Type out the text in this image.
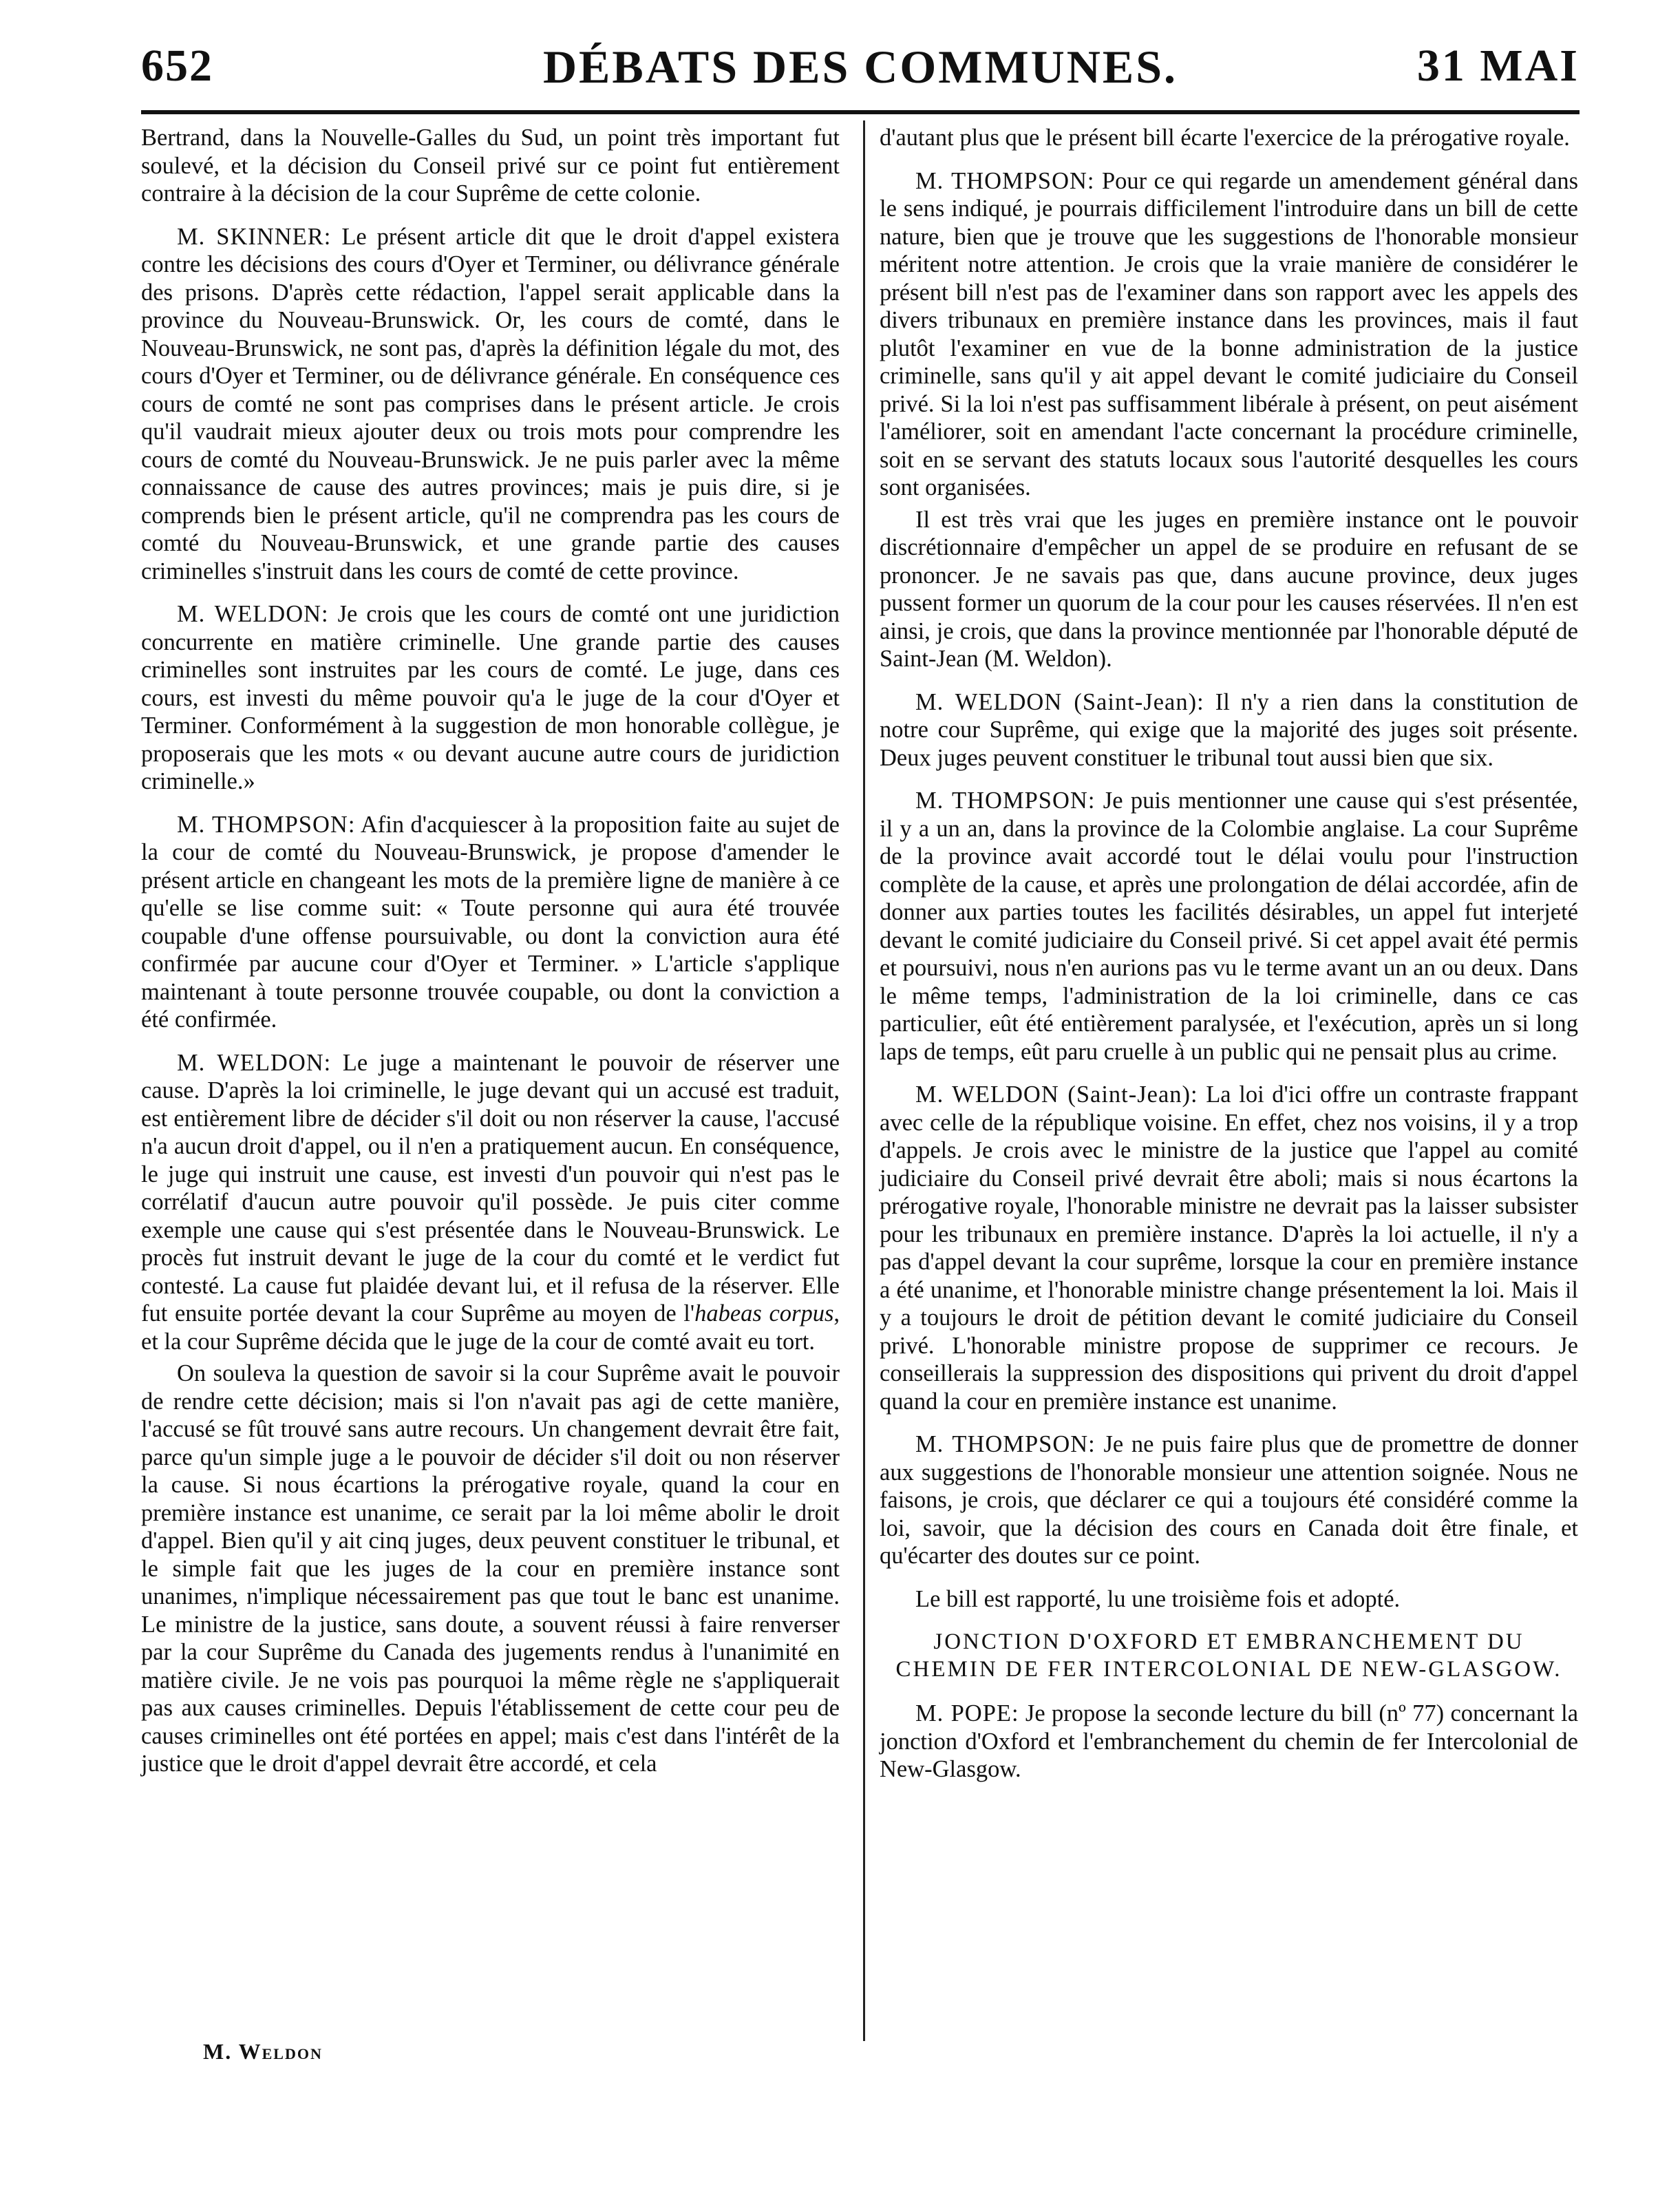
652	DÉBATS DES COMMUNES.	31 MAI

Bertrand, dans la Nouvelle-Galles du Sud, un point très important fut soulevé, et la décision du Conseil privé sur ce point fut entièrement contraire à la décision de la cour Suprême de cette colonie.

M. SKINNER: Le présent article dit que le droit d'appel existera contre les décisions des cours d'Oyer et Terminer, ou délivrance générale des prisons. D'après cette rédaction, l'appel serait applicable dans la province du Nouveau-Brunswick. Or, les cours de comté, dans le Nouveau-Brunswick, ne sont pas, d'après la définition légale du mot, des cours d'Oyer et Terminer, ou de délivrance générale. En conséquence ces cours de comté ne sont pas comprises dans le présent article. Je crois qu'il vaudrait mieux ajouter deux ou trois mots pour comprendre les cours de comté du Nouveau-Brunswick. Je ne puis parler avec la même connaissance de cause des autres provinces; mais je puis dire, si je comprends bien le présent article, qu'il ne comprendra pas les cours de comté du Nouveau-Brunswick, et une grande partie des causes criminelles s'instruit dans les cours de comté de cette province.

M. WELDON: Je crois que les cours de comté ont une juridiction concurrente en matière criminelle. Une grande partie des causes criminelles sont instruites par les cours de comté. Le juge, dans ces cours, est investi du même pouvoir qu'a le juge de la cour d'Oyer et Terminer. Conformément à la suggestion de mon honorable collègue, je proposerais que les mots « ou devant aucune autre cours de juridiction criminelle.»

M. THOMPSON: Afin d'acquiescer à la proposition faite au sujet de la cour de comté du Nouveau-Brunswick, je propose d'amender le présent article en changeant les mots de la première ligne de manière à ce qu'elle se lise comme suit: « Toute personne qui aura été trouvée coupable d'une offense poursuivable, ou dont la conviction aura été confirmée par aucune cour d'Oyer et Terminer. » L'article s'applique maintenant à toute personne trouvée coupable, ou dont la conviction a été confirmée.

M. WELDON: Le juge a maintenant le pouvoir de réserver une cause. D'après la loi criminelle, le juge devant qui un accusé est traduit, est entièrement libre de décider s'il doit ou non réserver la cause, l'accusé n'a aucun droit d'appel, ou il n'en a pratiquement aucun. En conséquence, le juge qui instruit une cause, est investi d'un pouvoir qui n'est pas le corrélatif d'aucun autre pouvoir qu'il possède. Je puis citer comme exemple une cause qui s'est présentée dans le Nouveau-Brunswick. Le procès fut instruit devant le juge de la cour du comté et le verdict fut contesté. La cause fut plaidée devant lui, et il refusa de la réserver. Elle fut ensuite portée devant la cour Suprême au moyen de l'habeas corpus, et la cour Suprême décida que le juge de la cour de comté avait eu tort.

On souleva la question de savoir si la cour Suprême avait le pouvoir de rendre cette décision; mais si l'on n'avait pas agi de cette manière, l'accusé se fût trouvé sans autre recours. Un changement devrait être fait, parce qu'un simple juge a le pouvoir de décider s'il doit ou non réserver la cause. Si nous écartions la prérogative royale, quand la cour en première instance est unanime, ce serait par la loi même abolir le droit d'appel. Bien qu'il y ait cinq juges, deux peuvent constituer le tribunal, et le simple fait que les juges de la cour en première instance sont unanimes, n'implique nécessairement pas que tout le banc est unanime. Le ministre de la justice, sans doute, a souvent réussi à faire renverser par la cour Suprême du Canada des jugements rendus à l'unanimité en matière civile. Je ne vois pas pourquoi la même règle ne s'appliquerait pas aux causes criminelles. Depuis l'établissement de cette cour peu de causes criminelles ont été portées en appel; mais c'est dans l'intérêt de la justice que le droit d'appel devrait être accordé, et cela

d'autant plus que le présent bill écarte l'exercice de la prérogative royale.

M. THOMPSON: Pour ce qui regarde un amendement général dans le sens indiqué, je pourrais difficilement l'introduire dans un bill de cette nature, bien que je trouve que les suggestions de l'honorable monsieur méritent notre attention. Je crois que la vraie manière de considérer le présent bill n'est pas de l'examiner dans son rapport avec les appels des divers tribunaux en première instance dans les provinces, mais il faut plutôt l'examiner en vue de la bonne administration de la justice criminelle, sans qu'il y ait appel devant le comité judiciaire du Conseil privé. Si la loi n'est pas suffisamment libérale à présent, on peut aisément l'améliorer, soit en amendant l'acte concernant la procédure criminelle, soit en se servant des statuts locaux sous l'autorité desquelles les cours sont organisées.

Il est très vrai que les juges en première instance ont le pouvoir discrétionnaire d'empêcher un appel de se produire en refusant de se prononcer. Je ne savais pas que, dans aucune province, deux juges pussent former un quorum de la cour pour les causes réservées. Il n'en est ainsi, je crois, que dans la province mentionnée par l'honorable député de Saint-Jean (M. Weldon).

M. WELDON (Saint-Jean): Il n'y a rien dans la constitution de notre cour Suprême, qui exige que la majorité des juges soit présente. Deux juges peuvent constituer le tribunal tout aussi bien que six.

M. THOMPSON: Je puis mentionner une cause qui s'est présentée, il y a un an, dans la province de la Colombie anglaise. La cour Suprême de la province avait accordé tout le délai voulu pour l'instruction complète de la cause, et après une prolongation de délai accordée, afin de donner aux parties toutes les facilités désirables, un appel fut interjeté devant le comité judiciaire du Conseil privé. Si cet appel avait été permis et poursuivi, nous n'en aurions pas vu le terme avant un an ou deux. Dans le même temps, l'administration de la loi criminelle, dans ce cas particulier, eût été entièrement paralysée, et l'exécution, après un si long laps de temps, eût paru cruelle à un public qui ne pensait plus au crime.

M. WELDON (Saint-Jean): La loi d'ici offre un contraste frappant avec celle de la république voisine. En effet, chez nos voisins, il y a trop d'appels. Je crois avec le ministre de la justice que l'appel au comité judiciaire du Conseil privé devrait être aboli; mais si nous écartons la prérogative royale, l'honorable ministre ne devrait pas la laisser subsister pour les tribunaux en première instance. D'après la loi actuelle, il n'y a pas d'appel devant la cour suprême, lorsque la cour en première instance a été unanime, et l'honorable ministre change présentement la loi. Mais il y a toujours le droit de pétition devant le comité judiciaire du Conseil privé. L'honorable ministre propose de supprimer ce recours. Je conseillerais la suppression des dispositions qui privent du droit d'appel quand la cour en première instance est unanime.

M. THOMPSON: Je ne puis faire plus que de promettre de donner aux suggestions de l'honorable monsieur une attention soignée. Nous ne faisons, je crois, que déclarer ce qui a toujours été considéré comme la loi, savoir, que la décision des cours en Canada doit être finale, et qu'écarter des doutes sur ce point.

Le bill est rapporté, lu une troisième fois et adopté.

JONCTION D'OXFORD ET EMBRANCHEMENT DU CHEMIN DE FER INTERCOLONIAL DE NEW-GLASGOW.

M. POPE: Je propose la seconde lecture du bill (nº 77) concernant la jonction d'Oxford et l'embranchement du chemin de fer Intercolonial de New-Glasgow.

M. Weldon
